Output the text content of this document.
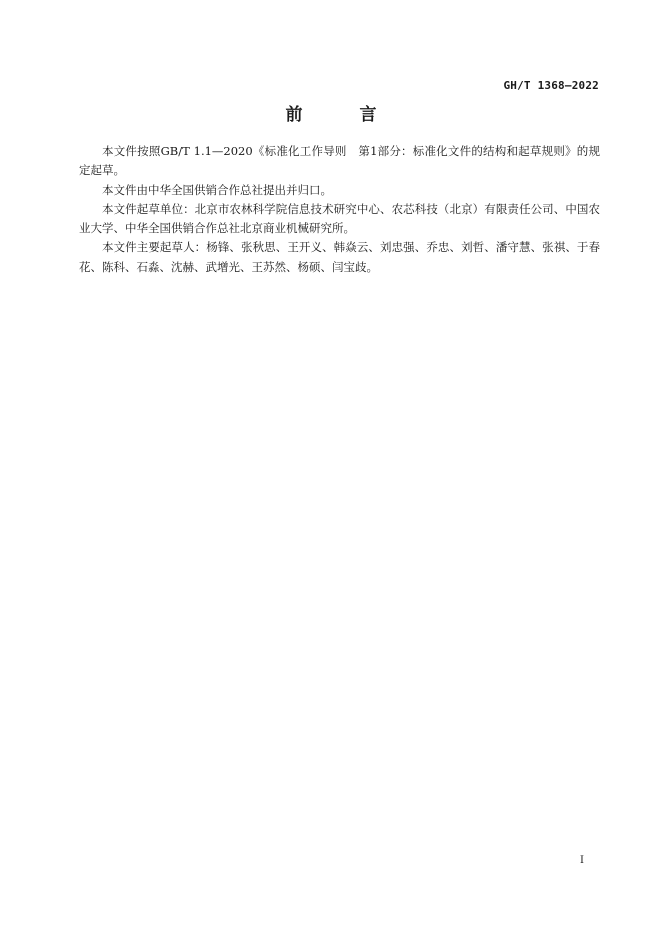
GH/T 1368—2022
前　言

本文件按照GB/T 1.1—2020《标准化工作导则　第1部分：标准化文件的结构和起草规则》的规定起草。

本文件由中华全国供销合作总社提出并归口。

本文件起草单位：北京市农林科学院信息技术研究中心、农芯科技（北京）有限责任公司、中国农业大学、中华全国供销合作总社北京商业机械研究所。

本文件主要起草人：杨锋、张秋思、王开义、韩焱云、刘忠强、乔忠、刘哲、潘守慧、张祺、于春花、陈科、石淼、沈赫、武增光、王苏然、杨硕、闫宝歧。

I
